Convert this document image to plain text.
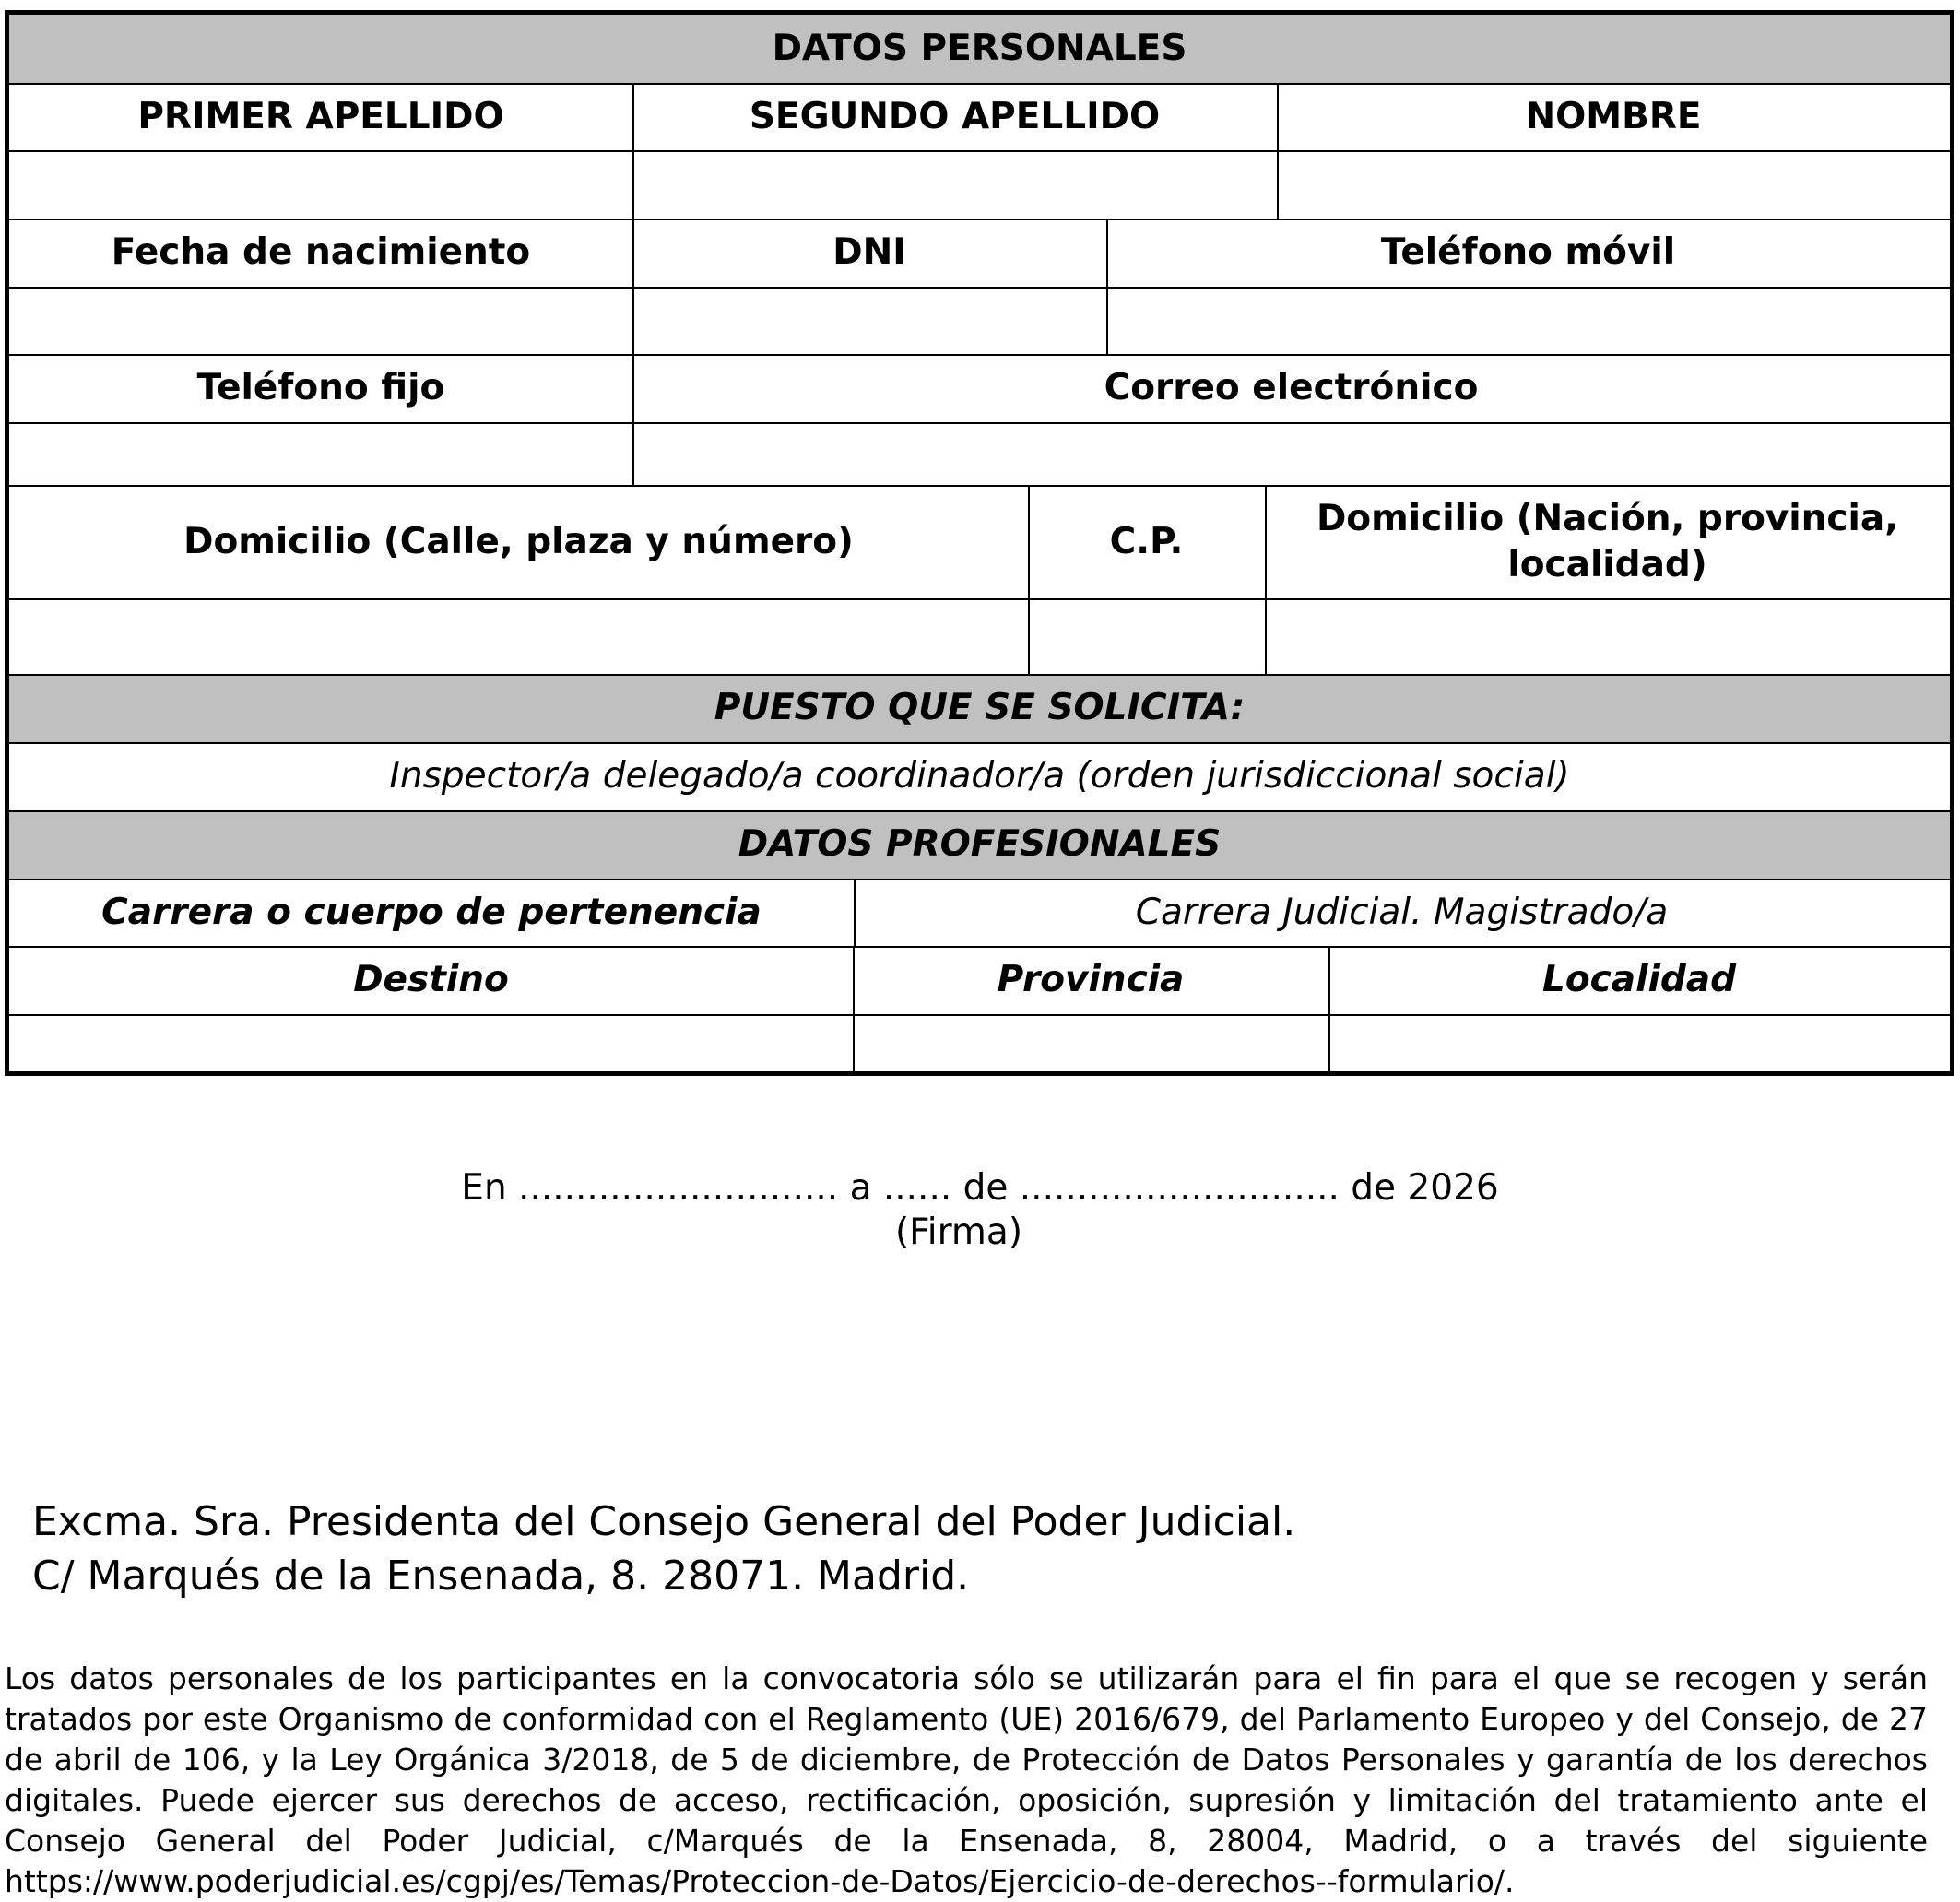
DATOS PERSONALES
PUESTO QUE SE SOLICITA:
DATOS PROFESIONALES
PRIMER APELLIDO	SEGUNDO APELLIDO	NOMBRE
Fecha de nacimiento	DNI	Teléfono móvil
Teléfono fijo	Correo electrónico
Domicilio (Calle, plaza y número)	C.P.
Domicilio (Nación, provincia,
localidad)
Inspector/a delegado/a coordinador/a (orden jurisdiccional social)
Carrera o cuerpo de pertenencia	Carrera Judicial. Magistrado/a
Destino	Provincia	Localidad
En ............................ a ...... de ............................ de 2026
(Firma)
Excma. Sra. Presidenta del Consejo General del Poder Judicial.
C/ Marqués de la Ensenada, 8. 28071. Madrid.
Los datos personales de los participantes en la convocatoria sólo se utilizarán para el fin para el que se recogen y serán tratados por este Organismo de conformidad con el Reglamento (UE) 2016/679, del Parlamento Europeo y del Consejo, de 27 de abril de 106, y la Ley Orgánica 3/2018, de 5 de diciembre, de Protección de Datos Personales y garantía de los derechos digitales. Puede ejercer sus derechos de acceso, rectificación, oposición, supresión y limitación del tratamiento ante el Consejo General del Poder Judicial, c/Marqués de la Ensenada, 8, 28004, Madrid, o a través del siguiente https://www.poderjudicial.es/cgpj/es/Temas/Proteccion-de-Datos/Ejercicio-de-derechos--formulario/.
